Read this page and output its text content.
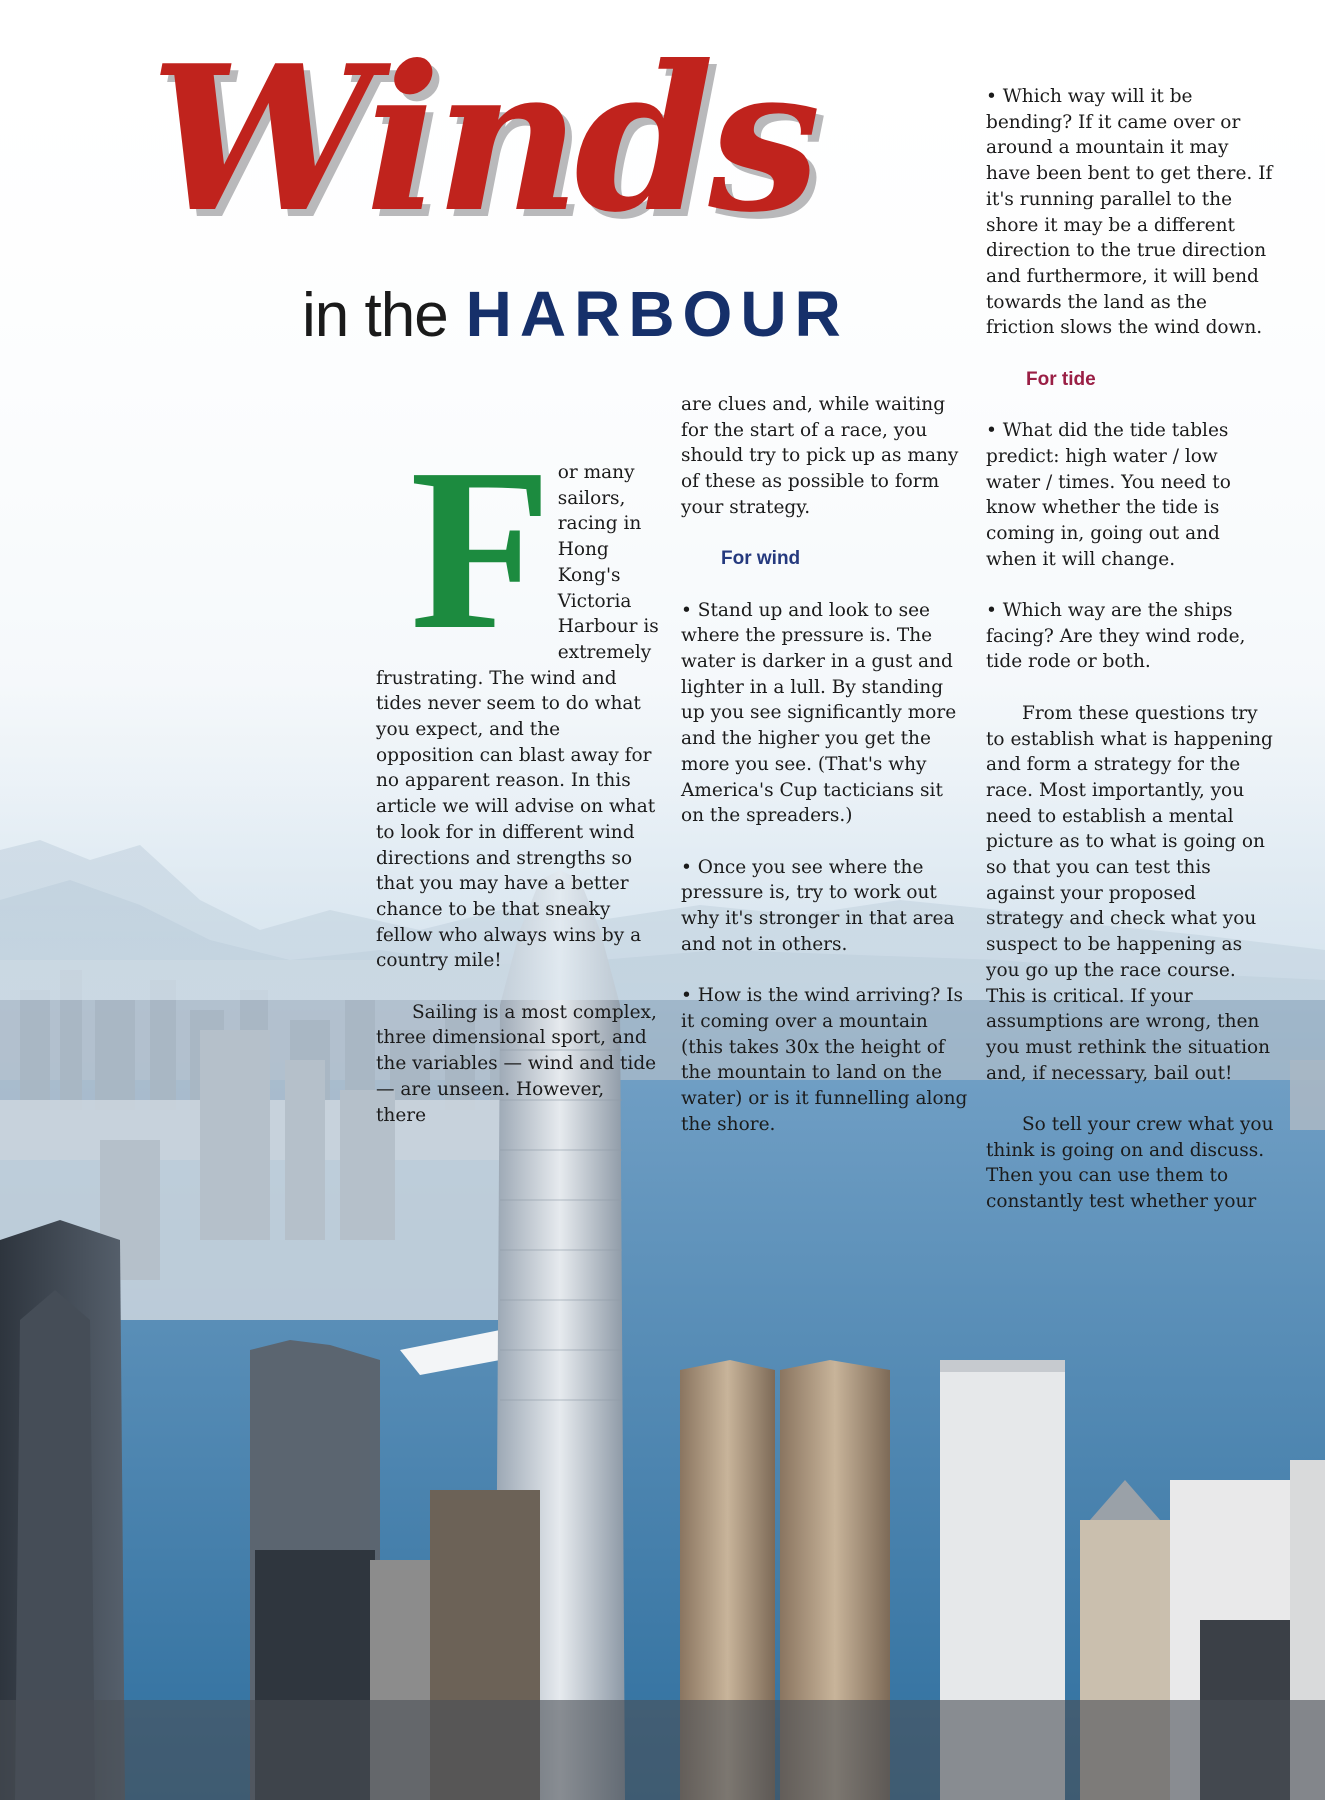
Winds
in the HARBOUR

For many sailors, racing in Hong Kong's Victoria Harbour is extremely frustrating. The wind and tides never seem to do what you expect, and the opposition can blast away for no apparent reason. In this article we will advise on what to look for in different wind directions and strengths so that you may have a better chance to be that sneaky fellow who always wins by a country mile!

Sailing is a most complex, three dimensional sport, and the variables — wind and tide — are unseen. However, there

are clues and, while waiting for the start of a race, you should try to pick up as many of these as possible to form your strategy.

For wind

• Stand up and look to see where the pressure is. The water is darker in a gust and lighter in a lull. By standing up you see significantly more and the higher you get the more you see. (That's why America's Cup tacticians sit on the spreaders.)

• Once you see where the pressure is, try to work out why it's stronger in that area and not in others.

• How is the wind arriving? Is it coming over a mountain (this takes 30x the height of the mountain to land on the water) or is it funnelling along the shore.

• Which way will it be bending? If it came over or around a mountain it may have been bent to get there. If it's running parallel to the shore it may be a different direction to the true direction and furthermore, it will bend towards the land as the friction slows the wind down.

For tide

• What did the tide tables predict: high water / low water / times. You need to know whether the tide is coming in, going out and when it will change.

• Which way are the ships facing? Are they wind rode, tide rode or both.

From these questions try to establish what is happening and form a strategy for the race. Most importantly, you need to establish a mental picture as to what is going on so that you can test this against your proposed strategy and check what you suspect to be happening as you go up the race course. This is critical. If your assumptions are wrong, then you must rethink the situation and, if necessary, bail out!

So tell your crew what you think is going on and discuss. Then you can use them to constantly test whether your
